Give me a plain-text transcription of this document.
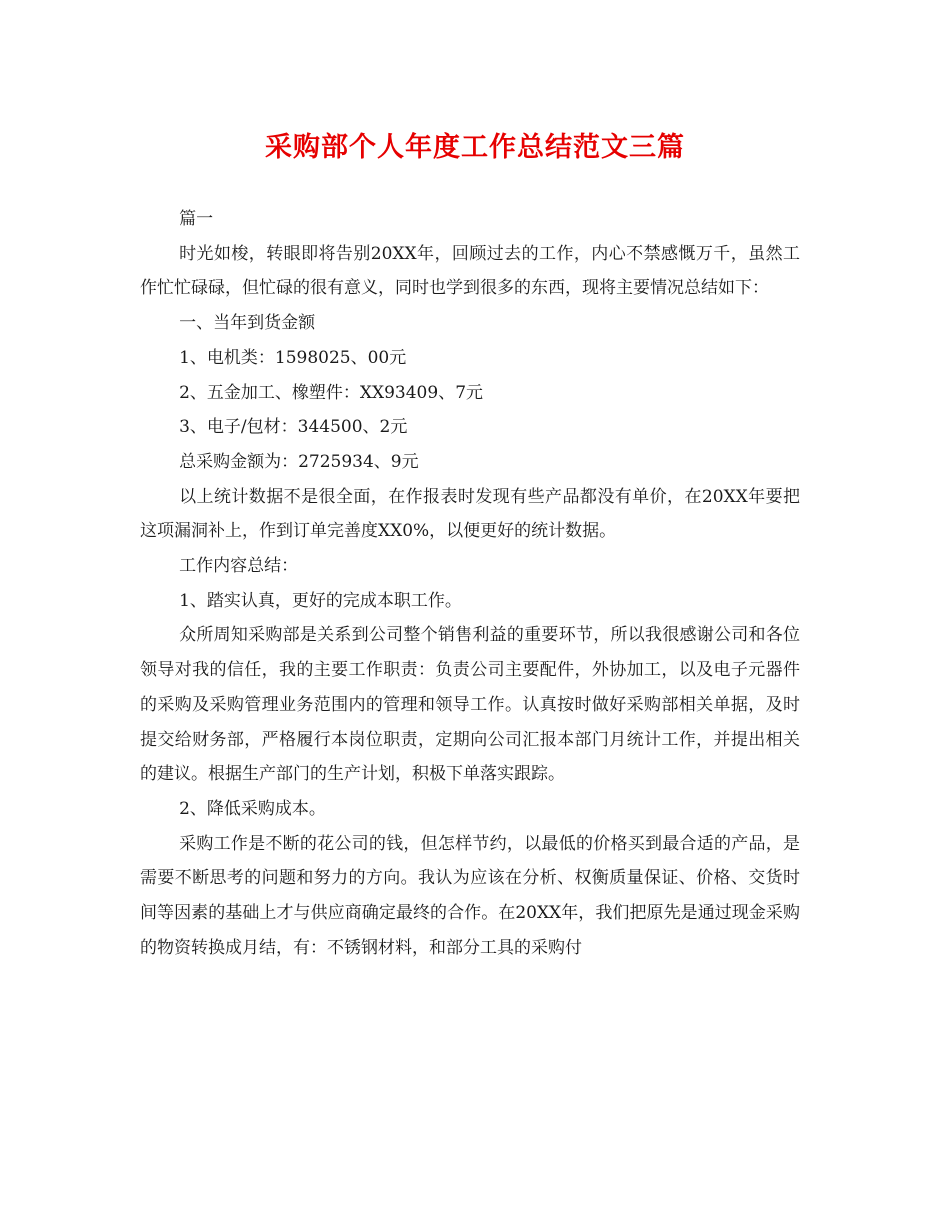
采购部个人年度工作总结范文三篇

篇一

时光如梭，转眼即将告别20XX年，回顾过去的工作，内心不禁感慨万千，虽然工作忙忙碌碌，但忙碌的很有意义，同时也学到很多的东西，现将主要情况总结如下：

一、当年到货金额

1、电机类：1598025、00元

2、五金加工、橡塑件：XX93409、7元

3、电子/包材：344500、2元

总采购金额为：2725934、9元

以上统计数据不是很全面，在作报表时发现有些产品都没有单价，在20XX年要把这项漏洞补上，作到订单完善度XX0%，以便更好的统计数据。

工作内容总结：

1、踏实认真，更好的完成本职工作。

众所周知采购部是关系到公司整个销售利益的重要环节，所以我很感谢公司和各位领导对我的信任，我的主要工作职责：负责公司主要配件，外协加工，以及电子元器件的采购及采购管理业务范围内的管理和领导工作。认真按时做好采购部相关单据，及时提交给财务部，严格履行本岗位职责，定期向公司汇报本部门月统计工作，并提出相关的建议。根据生产部门的生产计划，积极下单落实跟踪。

2、降低采购成本。

采购工作是不断的花公司的钱，但怎样节约，以最低的价格买到最合适的产品，是需要不断思考的问题和努力的方向。我认为应该在分析、权衡质量保证、价格、交货时间等因素的基础上才与供应商确定最终的合作。在20XX年，我们把原先是通过现金采购的物资转换成月结，有：不锈钢材料，和部分工具的采购付
